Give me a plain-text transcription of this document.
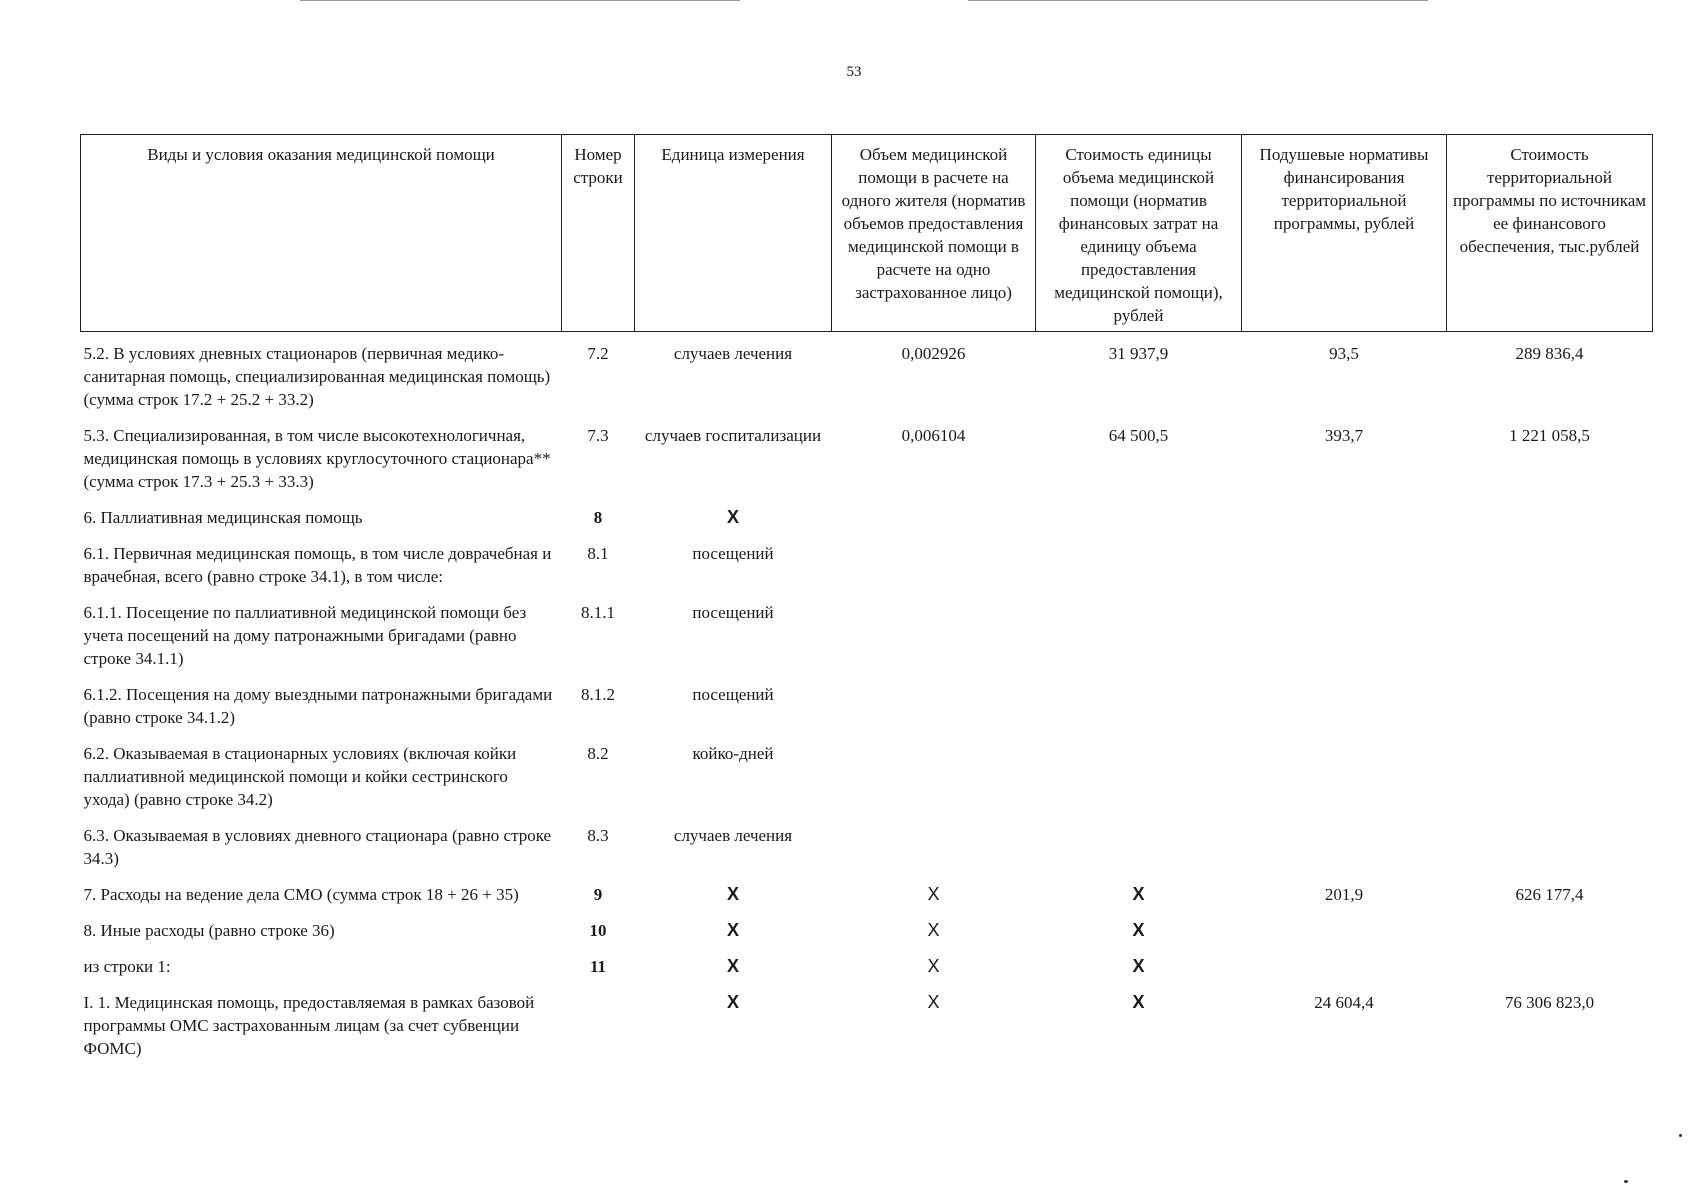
53
Виды и условия оказания медицинской помощи	Номер строки	Единица измерения	Объем медицинской помощи в расчете на одного жителя (норматив объемов предоставления медицинской помощи в расчете на одно застрахованное лицо)	Стоимость единицы объема медицинской помощи (норматив финансовых затрат на единицу объема предоставления медицинской помощи), рублей	Подушевые нормативы финансирования территориальной программы, рублей	Стоимость территориальной программы по источникам ее финансового обеспечения, тыс.рублей
5.2. В условиях дневных стационаров (первичная медико-санитарная помощь, специализированная медицинская помощь) (сумма строк 17.2 + 25.2 + 33.2)	7.2	случаев лечения	0,002926	31 937,9	93,5	289 836,4
5.3. Специализированная, в том числе высокотехнологичная, медицинская помощь в условиях круглосуточного стационара** (сумма строк 17.3 + 25.3 + 33.3)	7.3	случаев госпитализации	0,006104	64 500,5	393,7	1 221 058,5
6. Паллиативная медицинская помощь	8	Х				
6.1. Первичная медицинская помощь, в том числе доврачебная и врачебная, всего (равно строке 34.1), в том числе:	8.1	посещений				
6.1.1. Посещение по паллиативной медицинской помощи без учета посещений на дому патронажными бригадами (равно строке 34.1.1)	8.1.1	посещений				
6.1.2. Посещения на дому выездными патронажными бригадами (равно строке 34.1.2)	8.1.2	посещений				
6.2. Оказываемая в стационарных условиях (включая койки паллиативной медицинской помощи и койки сестринского ухода) (равно строке 34.2)	8.2	койко-дней				
6.3. Оказываемая в условиях дневного стационара (равно строке 34.3)	8.3	случаев лечения				
7. Расходы на ведение дела СМО (сумма строк 18 + 26 + 35)	9	Х	Х	Х	201,9	626 177,4
8. Иные расходы (равно строке 36)	10	Х	Х	Х		
из строки 1:	11	Х	Х	Х		
I. 1. Медицинская помощь, предоставляемая в рамках базовой программы ОМС застрахованным лицам (за счет субвенции ФОМС)		Х	Х	Х	24 604,4	76 306 823,0
